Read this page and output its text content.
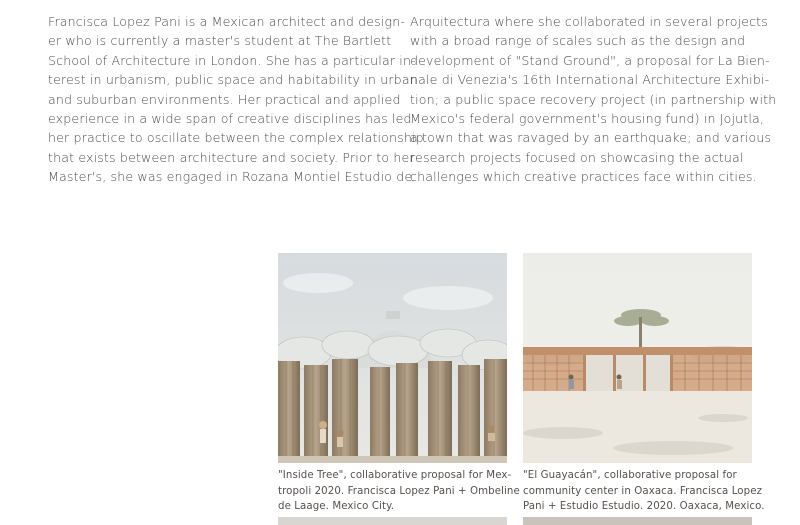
Francisca Lopez Pani is a Mexican architect and design-
er who is currently a master's student at The Bartlett
School of Architecture in London. She has a particular in-
terest in urbanism, public space and habitability in urban
and suburban environments. Her practical and applied
experience in a wide span of creative disciplines has led
her practice to oscillate between the complex relationship
that exists between architecture and society. Prior to her
Master's, she was engaged in Rozana Montiel Estudio de
Arquitectura where she collaborated in several projects
with a broad range of scales such as the design and
development of "Stand Ground", a proposal for La Bien-
nale di Venezia's 16th International Architecture Exhibi-
tion; a public space recovery project (in partnership with
Mexico's federal government's housing fund) in Jojutla,
a town that was ravaged by an earthquake; and various
research projects focused on showcasing the actual
challenges which creative practices face within cities.
"Inside Tree", collaborative proposal for Mex-
tropoli 2020. Francisca Lopez Pani + Ombeline
de Laage. Mexico City.
"El Guayacán", collaborative proposal for
community center in Oaxaca. Francisca Lopez
Pani + Estudio Estudio. 2020. Oaxaca, Mexico.
